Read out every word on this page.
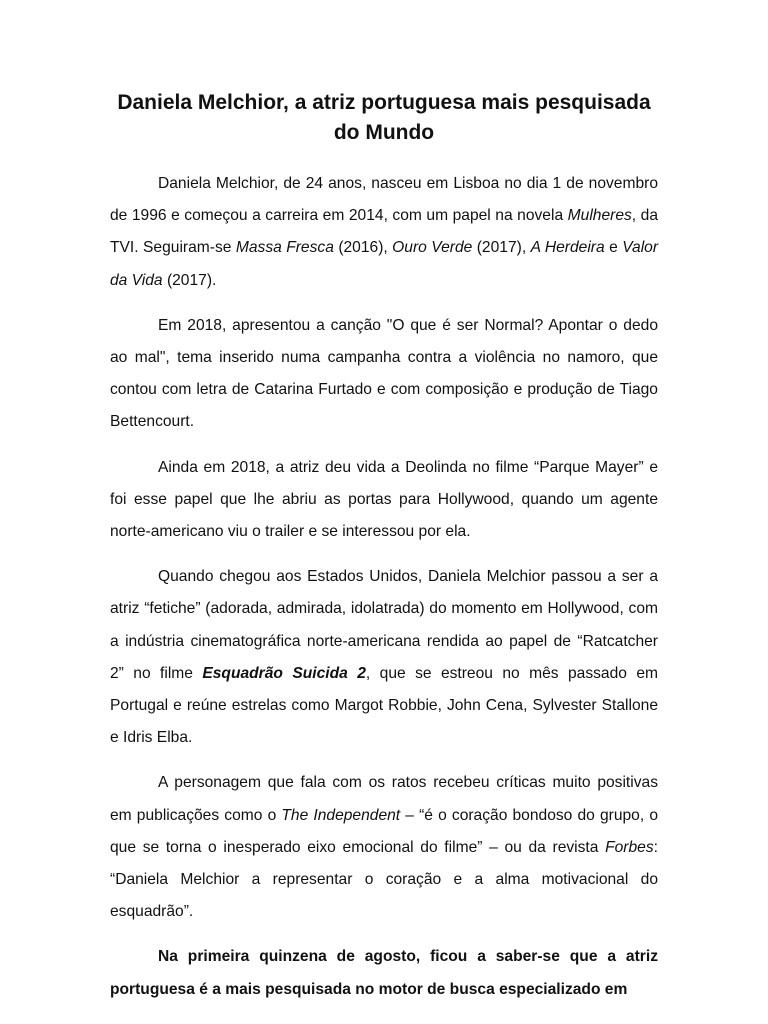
Daniela Melchior, a atriz portuguesa mais pesquisada do Mundo

Daniela Melchior, de 24 anos, nasceu em Lisboa no dia 1 de novembro de 1996 e começou a carreira em 2014, com um papel na novela Mulheres, da TVI. Seguiram-se Massa Fresca (2016), Ouro Verde (2017), A Herdeira e Valor da Vida (2017).

Em 2018, apresentou a canção "O que é ser Normal? Apontar o dedo ao mal", tema inserido numa campanha contra a violência no namoro, que contou com letra de Catarina Furtado e com composição e produção de Tiago Bettencourt.

Ainda em 2018, a atriz deu vida a Deolinda no filme “Parque Mayer” e foi esse papel que lhe abriu as portas para Hollywood, quando um agente norte-americano viu o trailer e se interessou por ela.

Quando chegou aos Estados Unidos, Daniela Melchior passou a ser a atriz “fetiche” (adorada, admirada, idolatrada) do momento em Hollywood, com a indústria cinematográfica norte-americana rendida ao papel de “Ratcatcher 2” no filme Esquadrão Suicida 2, que se estreou no mês passado em Portugal e reúne estrelas como Margot Robbie, John Cena, Sylvester Stallone e Idris Elba.

A personagem que fala com os ratos recebeu críticas muito positivas em publicações como o The Independent – “é o coração bondoso do grupo, o que se torna o inesperado eixo emocional do filme” – ou da revista Forbes: “Daniela Melchior a representar o coração e a alma motivacional do esquadrão”.

Na primeira quinzena de agosto, ficou a saber-se que a atriz portuguesa é a mais pesquisada no motor de busca especializado em
